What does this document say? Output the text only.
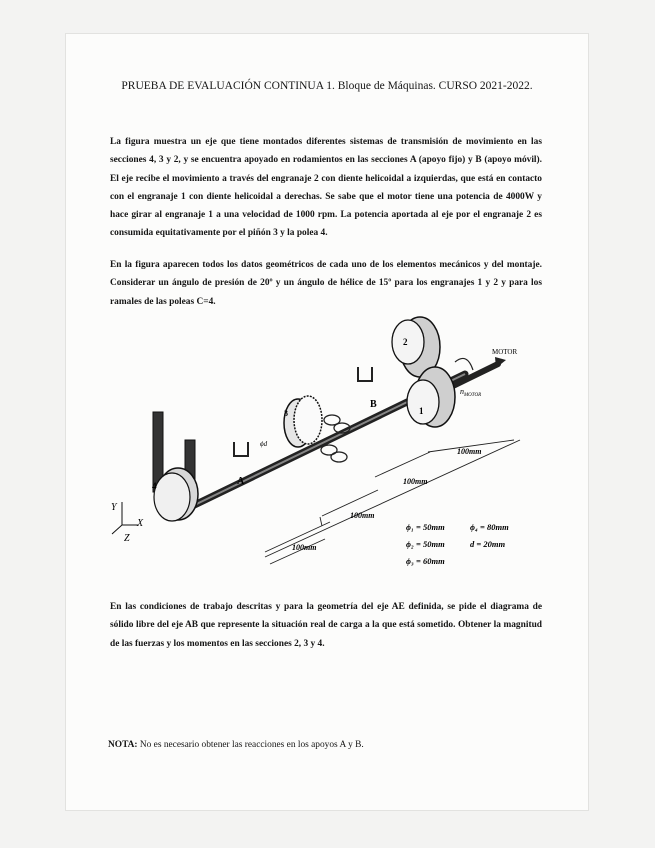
PRUEBA DE EVALUACIÓN CONTINUA 1. Bloque de Máquinas. CURSO 2021-2022.
La figura muestra un eje que tiene montados diferentes sistemas de transmisión de movimiento en las secciones 4, 3 y 2, y se encuentra apoyado en rodamientos en las secciones A (apoyo fijo) y B (apoyo móvil). El eje recibe el movimiento a través del engranaje 2 con diente helicoidal a izquierdas, que está en contacto con el engranaje 1 con diente helicoidal a derechas. Se sabe que el motor tiene una potencia de 4000W y hace girar al engranaje 1 a una velocidad de 1000 rpm. La potencia aportada al eje por el engranaje 2 es consumida equitativamente por el piñón 3 y la polea 4.
En la figura aparecen todos los datos geométricos de cada uno de los elementos mecánicos y del montaje. Considerar un ángulo de presión de 20º y un ángulo de hélice de 15º para los engranajes 1 y 2 y para los ramales de las poleas C=4.
4	A
ϕd
3
B
2
1
MOTOR
$n_{MOTOR}$
100mm
100mm
100mm
100mm
Y
X
Z
ϕ₁ = 50mm	ϕ₄ = 80mm
ϕ₂ = 50mm	d = 20mm
ϕ₃ = 60mm
En las condiciones de trabajo descritas y para la geometría del eje AE definida, se pide el diagrama de sólido libre del eje AB que represente la situación real de carga a la que está sometido. Obtener la magnitud de las fuerzas y los momentos en las secciones 2, 3 y 4.
NOTA: No es necesario obtener las reacciones en los apoyos A y B.
